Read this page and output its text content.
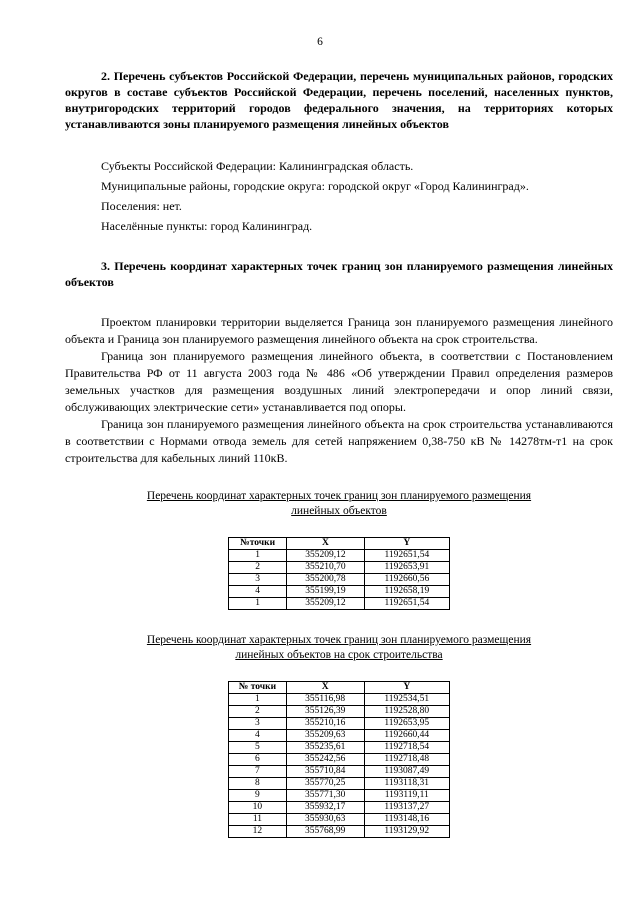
6

2. Перечень субъектов Российской Федерации, перечень муниципальных районов, городских округов в составе субъектов Российской Федерации, перечень поселений, населенных пунктов, внутригородских территорий городов федерального значения, на территориях которых устанавливаются зоны планируемого размещения линейных объектов

Субъекты Российской Федерации: Калининградская область.

Муниципальные районы, городские округа: городской округ «Город Калининград».

Поселения: нет.

Населённые пункты: город Калининград.

3. Перечень координат характерных точек границ зон планируемого размещения линейных объектов

Проектом планировки территории выделяется Граница зон планируемого размещения линейного объекта и Граница зон планируемого размещения линейного объекта на срок строительства.

Граница зон планируемого размещения линейного объекта, в соответствии с Постановлением Правительства РФ от 11 августа 2003 года № 486 «Об утверждении Правил определения размеров земельных участков для размещения воздушных линий электропередачи и опор линий связи, обслуживающих электрические сети» устанавливается под опоры.

Граница зон планируемого размещения линейного объекта на срок строительства устанавливаются в соответствии с Нормами отвода земель для сетей напряжением 0,38-750 кВ № 14278тм-т1 на срок строительства для кабельных линий 110кВ.

Перечень координат характерных точек границ зон планируемого размещения

линейных объектов

№точки	X	Y
1	355209,12	1192651,54
2	355210,70	1192653,91
3	355200,78	1192660,56
4	355199,19	1192658,19
1	355209,12	1192651,54

Перечень координат характерных точек границ зон планируемого размещения

линейных объектов на срок строительства

№ точки	X	Y
1	355116,98	1192534,51
2	355126,39	1192528,80
3	355210,16	1192653,95
4	355209,63	1192660,44
5	355235,61	1192718,54
6	355242,56	1192718,48
7	355710,84	1193087,49
8	355770,25	1193118,31
9	355771,30	1193119,11
10	355932,17	1193137,27
11	355930,63	1193148,16
12	355768,99	1193129,92
